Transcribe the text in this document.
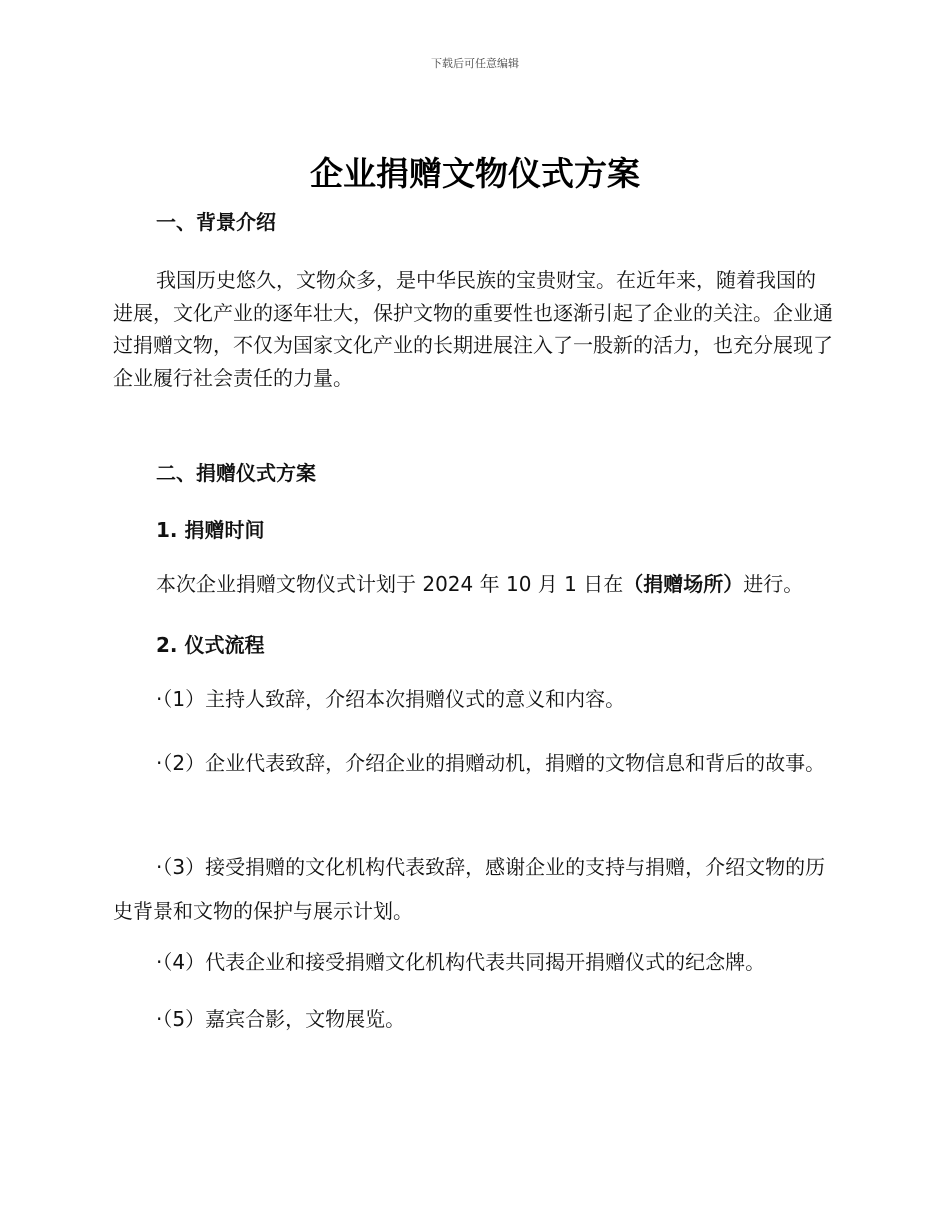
下载后可任意编辑
企业捐赠文物仪式方案
一、背景介绍

我国历史悠久，文物众多，是中华民族的宝贵财宝。在近年来，随着我国的进展，文化产业的逐年壮大，保护文物的重要性也逐渐引起了企业的关注。企业通过捐赠文物，不仅为国家文化产业的长期进展注入了一股新的活力，也充分展现了企业履行社会责任的力量。

二、捐赠仪式方案
1. 捐赠时间

本次企业捐赠文物仪式计划于 2024 年 10 月 1 日在（捐赠场所）进行。

2. 仪式流程

·（1）主持人致辞，介绍本次捐赠仪式的意义和内容。

·（2）企业代表致辞，介绍企业的捐赠动机，捐赠的文物信息和背后的故事。

·（3）接受捐赠的文化机构代表致辞，感谢企业的支持与捐赠，介绍文物的历史背景和文物的保护与展示计划。

·（4）代表企业和接受捐赠文化机构代表共同揭开捐赠仪式的纪念牌。

·（5）嘉宾合影，文物展览。
